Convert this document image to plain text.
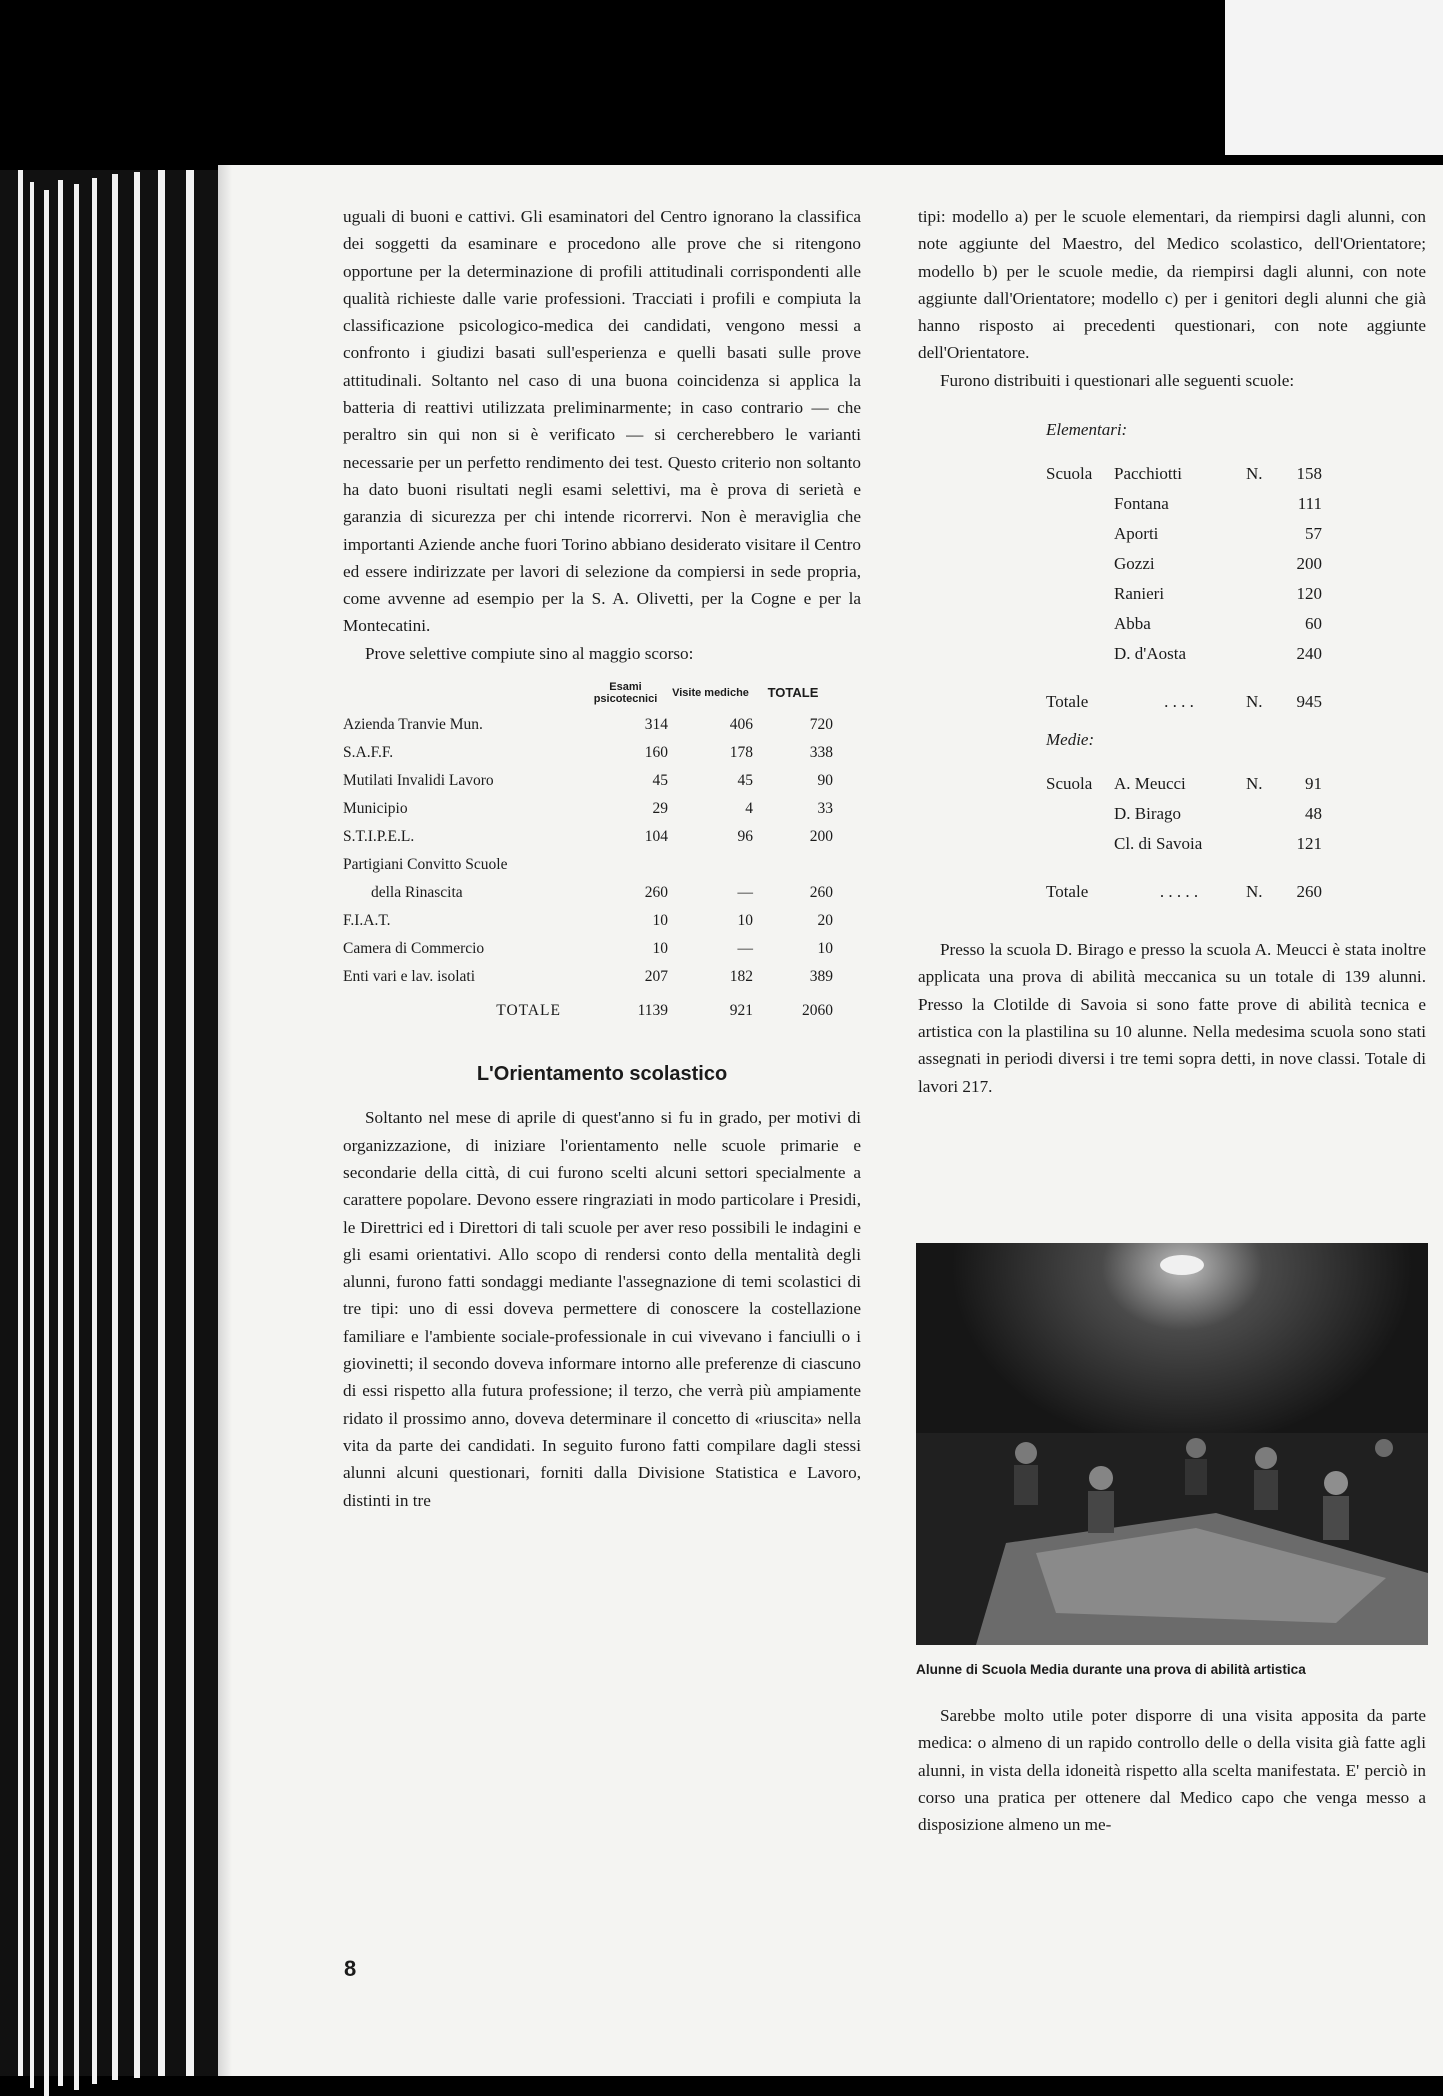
uguali di buoni e cattivi. Gli esaminatori del Centro ignorano la classifica dei soggetti da esaminare e procedono alle prove che si ritengono opportune per la determinazione di profili attitudinali corrispondenti alle qualità richieste dalle varie professioni. Tracciati i profili e compiuta la classificazione psicologico-medica dei candidati, vengono messi a confronto i giudizi basati sull'esperienza e quelli basati sulle prove attitudinali. Soltanto nel caso di una buona coincidenza si applica la batteria di reattivi utilizzata preliminarmente; in caso contrario — che peraltro sin qui non si è verificato — si cercherebbero le varianti necessarie per un perfetto rendimento dei test. Questo criterio non soltanto ha dato buoni risultati negli esami selettivi, ma è prova di serietà e garanzia di sicurezza per chi intende ricorrervi. Non è meraviglia che importanti Aziende anche fuori Torino abbiano desiderato visitare il Centro ed essere indirizzate per lavori di selezione da compiersi in sede propria, come avvenne ad esempio per la S. A. Olivetti, per la Cogne e per la Montecatini.

Prove selettive compiute sino al maggio scorso:

	Esami psicotecnici	Visite mediche	TOTALE
Azienda Tranvie Mun.	314	406	720
S.A.F.F.	160	178	338
Mutilati Invalidi Lavoro	45	45	90
Municipio	29	4	33
S.T.I.P.E.L.	104	96	200
Partigiani Convitto Scuole			
della Rinascita	260	—	260
F.I.A.T.	10	10	20
Camera di Commercio	10	—	10
Enti vari e lav. isolati	207	182	389
TOTALE	1139	921	2060
L'Orientamento scolastico

Soltanto nel mese di aprile di quest'anno si fu in grado, per motivi di organizzazione, di iniziare l'orientamento nelle scuole primarie e secondarie della città, di cui furono scelti alcuni settori specialmente a carattere popolare. Devono essere ringraziati in modo particolare i Presidi, le Direttrici ed i Direttori di tali scuole per aver reso possibili le indagini e gli esami orientativi. Allo scopo di rendersi conto della mentalità degli alunni, furono fatti sondaggi mediante l'assegnazione di temi scolastici di tre tipi: uno di essi doveva permettere di conoscere la costellazione familiare e l'ambiente sociale-professionale in cui vivevano i fanciulli o i giovinetti; il secondo doveva informare intorno alle preferenze di ciascuno di essi rispetto alla futura professione; il terzo, che verrà più ampiamente ridato il prossimo anno, doveva determinare il concetto di «riuscita» nella vita da parte dei candidati. In seguito furono fatti compilare dagli stessi alunni alcuni questionari, forniti dalla Divisione Statistica e Lavoro, distinti in tre

tipi: modello a) per le scuole elementari, da riempirsi dagli alunni, con note aggiunte del Maestro, del Medico scolastico, dell'Orientatore; modello b) per le scuole medie, da riempirsi dagli alunni, con note aggiunte dall'Orientatore; modello c) per i genitori degli alunni che già hanno risposto ai precedenti questionari, con note aggiunte dell'Orientatore.

Furono distribuiti i questionari alle seguenti scuole:

Elementari:			

Scuola	Pacchiotti	N.	158
	Fontana		111
	Aporti		57
	Gozzi		200
	Ranieri		120
	Abba		60
	D. d'Aosta		240

Totale	. . . .	N.	945

Medie:			

Scuola	A. Meucci	N.	91
	D. Birago		48
	Cl. di Savoia		121

Totale	. . . . .	N.	260

Presso la scuola D. Birago e presso la scuola A. Meucci è stata inoltre applicata una prova di abilità meccanica su un totale di 139 alunni. Presso la Clotilde di Savoia si sono fatte prove di abilità tecnica e artistica con la plastilina su 10 alunne. Nella medesima scuola sono stati assegnati in periodi diversi i tre temi sopra detti, in nove classi. Totale di lavori 217.

Alunne di Scuola Media durante una prova di abilità artistica

Sarebbe molto utile poter disporre di una visita apposita da parte medica: o almeno di un rapido controllo delle o della visita già fatte agli alunni, in vista della idoneità rispetto alla scelta manifestata. E' perciò in corso una pratica per ottenere dal Medico capo che venga messo a disposizione almeno un me-

8
